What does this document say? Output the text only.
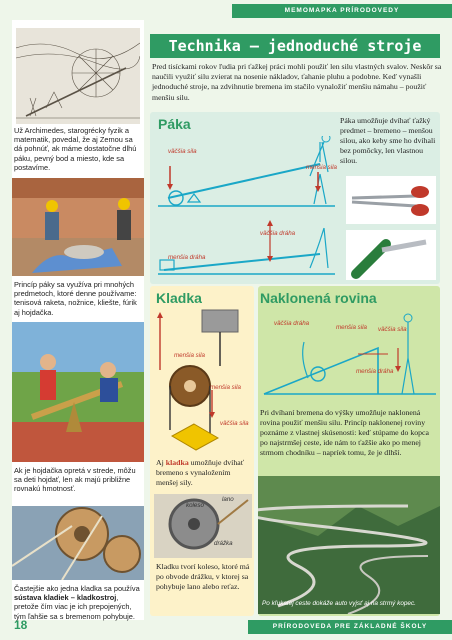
MEMOMAPKA PRÍRODOVEDY
Už Archimedes, starogrécky fyzik a matematik, povedal, že aj Zemou sa dá pohnúť, ak máme dostatočne dlhú páku, pevný bod a miesto, kde sa postavíme.
Princíp páky sa využíva pri mnohých predmetoch, ktoré denne používame: tenisová raketa, nožnice, kliešte, fúrik aj hojdačka.
Ak je hojdačka opretá v strede, môžu sa deti hojdať, len ak majú približne rovnakú hmotnosť.
Častejšie ako jedna kladka sa používa sústava kladiek – kladkostroj, pretože čím viac je ich prepojených, tým ľahšie sa s bremenom pohybuje.
Technika – jednoduché stroje
Pred tisíckami rokov ľudia pri ťažkej práci mohli použiť len silu vlastných svalov. Neskôr sa naučili využiť silu zvierat na nosenie nákladov, ťahanie pluhu a podobne. Keď vynašli jednoduché stroje, na zdvihnutie bremena im stačilo vynaložiť menšiu námahu – použiť menšiu silu.
Páka	Páka umožňuje dvíhať ťažký predmet – bremeno – menšou silou, ako keby sme ho dvíhali bez pomôcky, len vlastnou silou.
väčšia sila
menšia sila
väčšia dráha
menšia dráha
Kladka
menšia sila
menšia sila
väčšia sila
Aj kladka umožňuje dvíhať bremeno s vynaložením menšej sily.
lano
koleso
drážka
Kladku tvorí koleso, ktoré má po obvode drážku, v ktorej sa pohybuje lano alebo reťaz.
Naklonená rovina
väčšia dráha
menšia sila väčšia sila
menšia dráha
Pri dvíhaní bremena do výšky umožňuje naklonená rovina použiť menšiu silu. Princíp naklonenej roviny poznáme z vlastnej skúsenosti: keď stúpame do kopca po najstrmšej ceste, ide nám to ťažšie ako po menej strmom chodníku – napríek tomu, že je dlhší.
Po kľukatej ceste dokáže auto vyjsť aj na strmý kopec.
18	PRÍRODOVEDA PRE ZÁKLADNÉ ŠKOLY
